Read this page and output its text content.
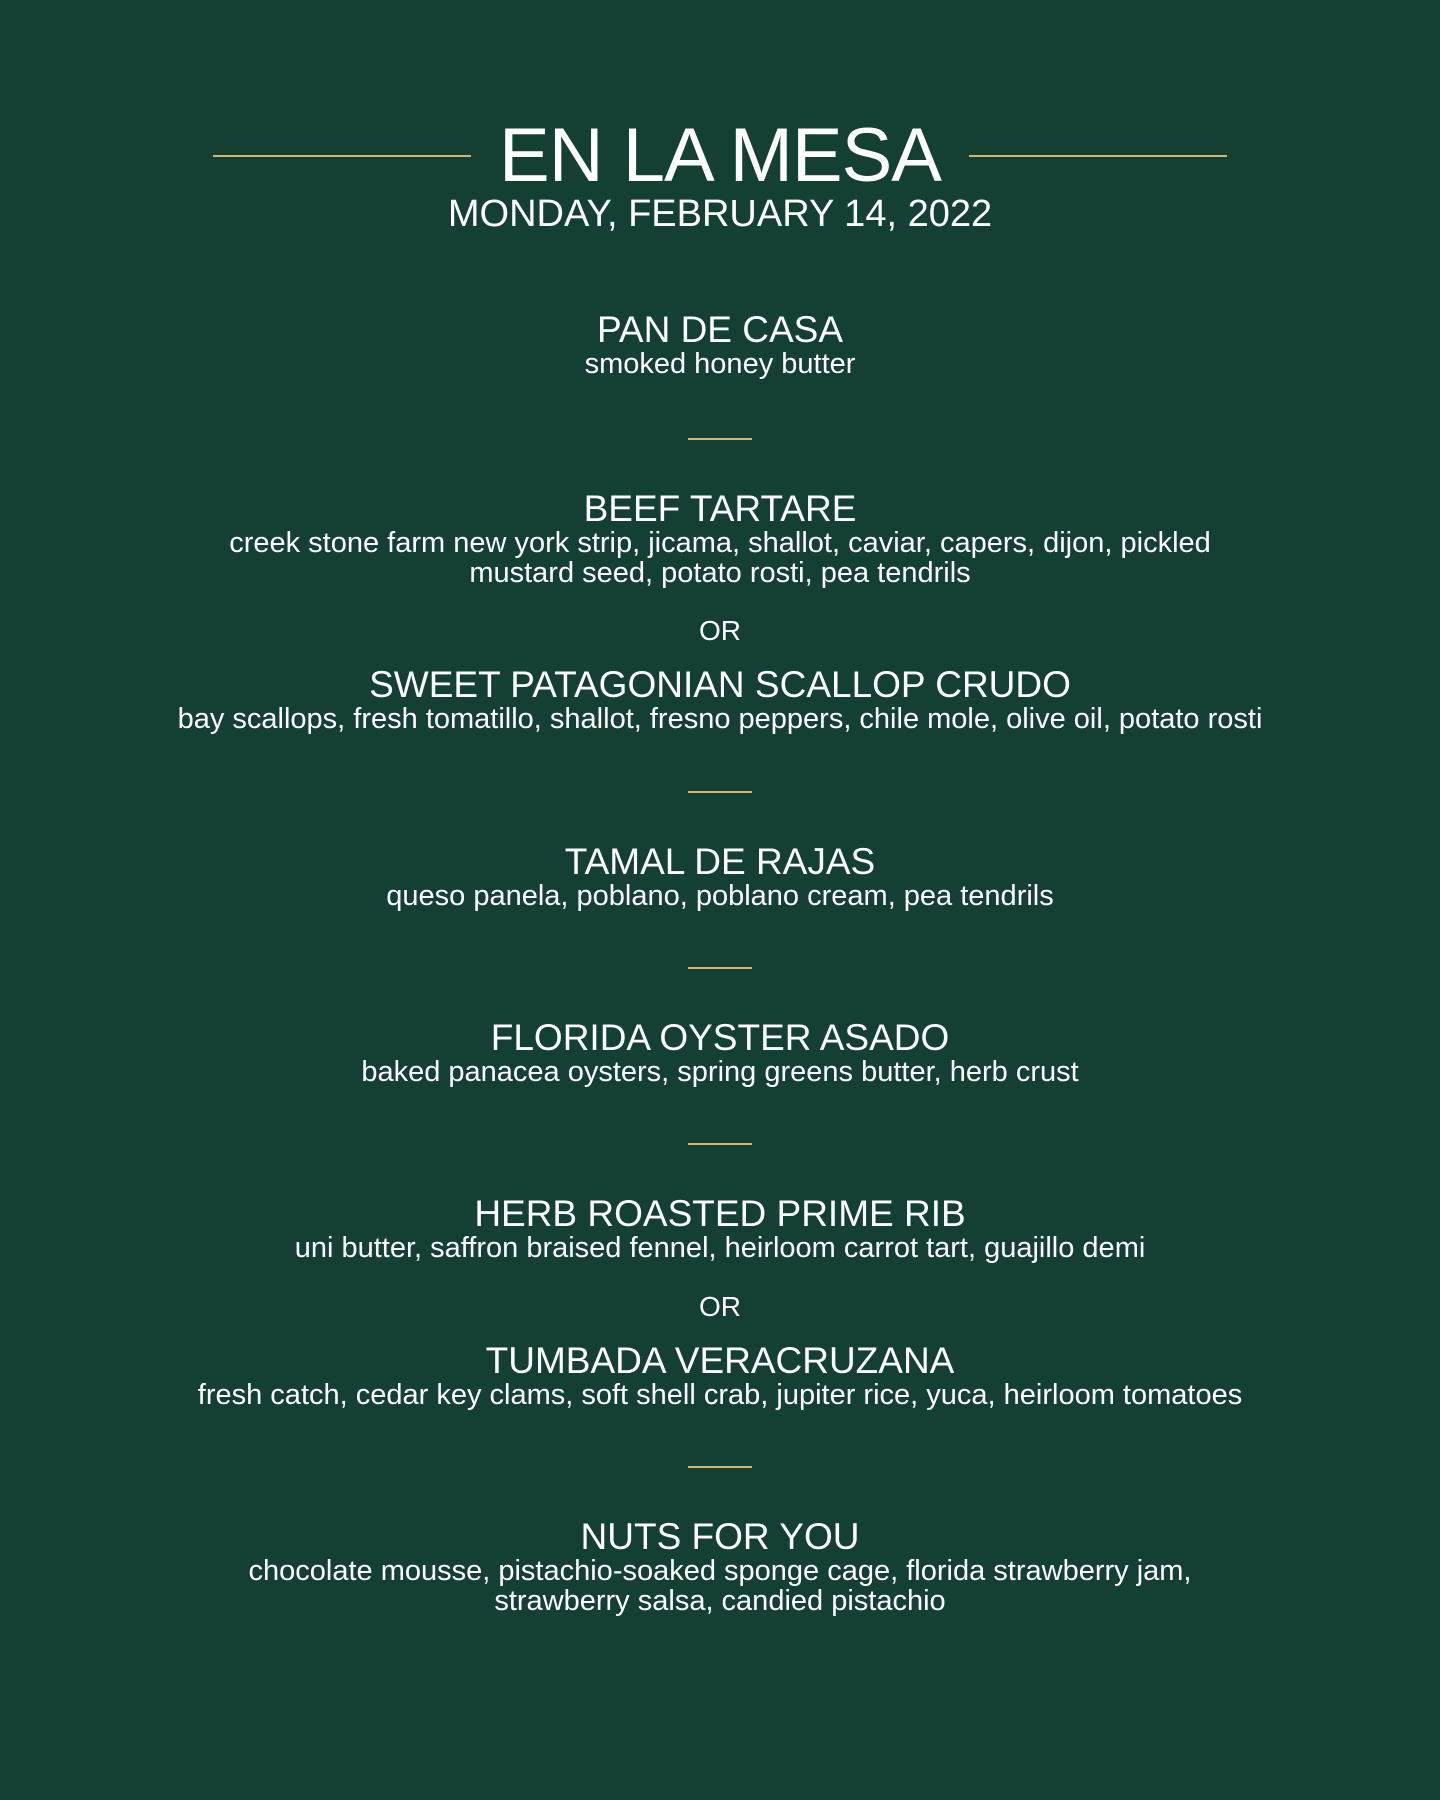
EN LA MESA
MONDAY, FEBRUARY 14, 2022
PAN DE CASA
smoked honey butter
BEEF TARTARE
creek stone farm new york strip, jicama, shallot, caviar, capers, dijon, pickled
mustard seed, potato rosti, pea tendrils
OR
SWEET PATAGONIAN SCALLOP CRUDO
bay scallops, fresh tomatillo, shallot, fresno peppers, chile mole, olive oil, potato rosti
TAMAL DE RAJAS
queso panela, poblano, poblano cream, pea tendrils
FLORIDA OYSTER ASADO
baked panacea oysters, spring greens butter, herb crust
HERB ROASTED PRIME RIB
uni butter, saffron braised fennel, heirloom carrot tart, guajillo demi
OR
TUMBADA VERACRUZANA
fresh catch, cedar key clams, soft shell crab, jupiter rice, yuca, heirloom tomatoes
NUTS FOR YOU
chocolate mousse, pistachio-soaked sponge cage, florida strawberry jam,
strawberry salsa, candied pistachio
